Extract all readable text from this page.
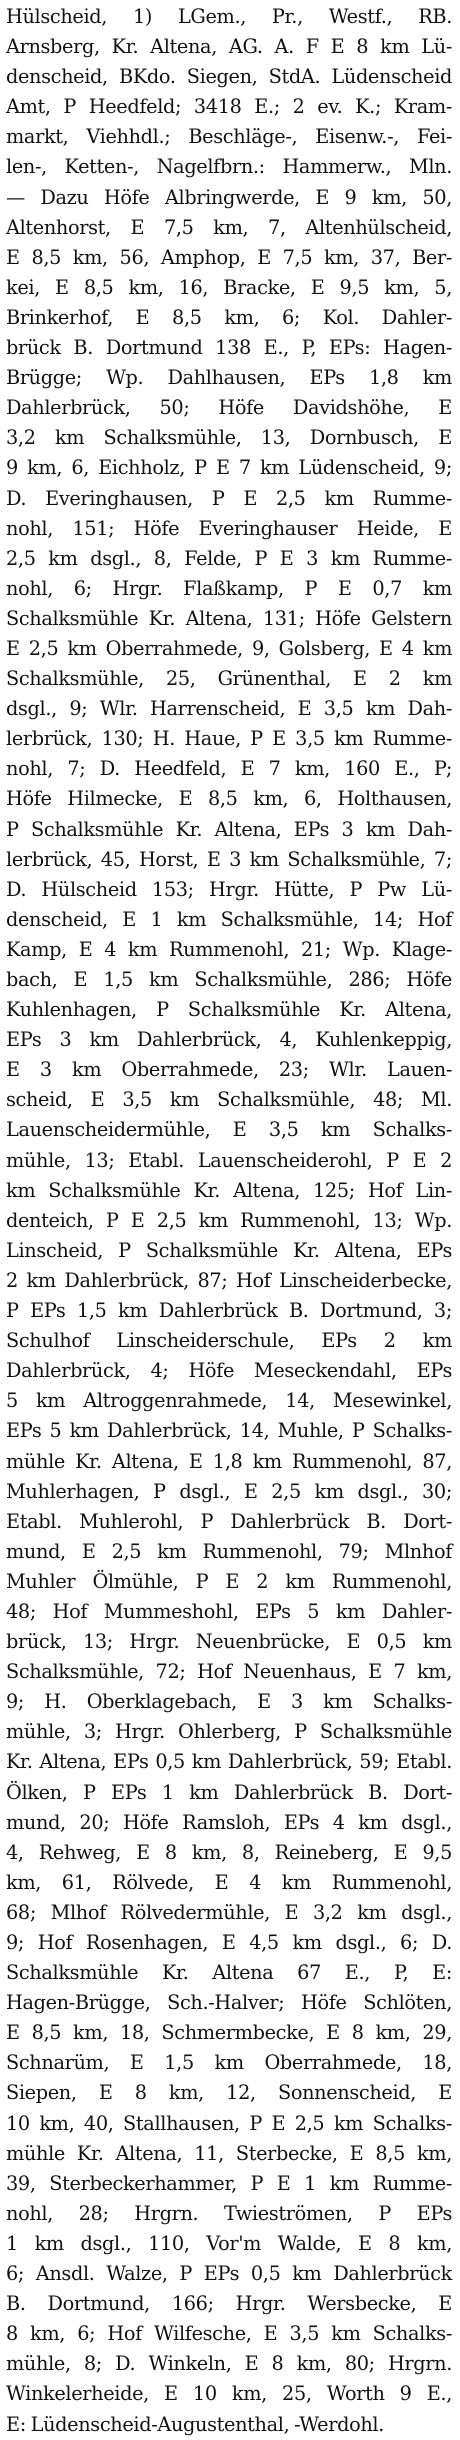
Hülscheid, 1) LGem., Pr., Westf., RB.
Arnsberg, Kr. Altena, AG. A. F E 8 km Lü-
denscheid, BKdo. Siegen, StdA. Lüdenscheid
Amt, P Heedfeld; 3418 E.; 2 ev. K.; Kram-
markt, Viehhdl.; Beschläge-, Eisenw.-, Fei-
len-, Ketten-, Nagelfbrn.: Hammerw., Mln.
— Dazu Höfe Albringwerde, E 9 km, 50,
Altenhorst, E 7,5 km, 7, Altenhülscheid,
E 8,5 km, 56, Amphop, E 7,5 km, 37, Ber-
kei, E 8,5 km, 16, Bracke, E 9,5 km, 5,
Brinkerhof, E 8,5 km, 6; Kol. Dahler-
brück B. Dortmund 138 E., P, EPs: Hagen-
Brügge; Wp. Dahlhausen, EPs 1,8 km
Dahlerbrück, 50; Höfe Davidshöhe, E
3,2 km Schalksmühle, 13, Dornbusch, E
9 km, 6, Eichholz, P E 7 km Lüdenscheid, 9;
D. Everinghausen, P E 2,5 km Rumme-
nohl, 151; Höfe Everinghauser Heide, E
2,5 km dsgl., 8, Felde, P E 3 km Rumme-
nohl, 6; Hrgr. Flaßkamp, P E 0,7 km
Schalksmühle Kr. Altena, 131; Höfe Gelstern
E 2,5 km Oberrahmede, 9, Golsberg, E 4 km
Schalksmühle, 25, Grünenthal, E 2 km
dsgl., 9; Wlr. Harrenscheid, E 3,5 km Dah-
lerbrück, 130; H. Haue, P E 3,5 km Rumme-
nohl, 7; D. Heedfeld, E 7 km, 160 E., P;
Höfe Hilmecke, E 8,5 km, 6, Holthausen,
P Schalksmühle Kr. Altena, EPs 3 km Dah-
lerbrück, 45, Horst, E 3 km Schalksmühle, 7;
D. Hülscheid 153; Hrgr. Hütte, P Pw Lü-
denscheid, E 1 km Schalksmühle, 14; Hof
Kamp, E 4 km Rummenohl, 21; Wp. Klage-
bach, E 1,5 km Schalksmühle, 286; Höfe
Kuhlenhagen, P Schalksmühle Kr. Altena,
EPs 3 km Dahlerbrück, 4, Kuhlenkeppig,
E 3 km Oberrahmede, 23; Wlr. Lauen-
scheid, E 3,5 km Schalksmühle, 48; Ml.
Lauenscheidermühle, E 3,5 km Schalks-
mühle, 13; Etabl. Lauenscheiderohl, P E 2
km Schalksmühle Kr. Altena, 125; Hof Lin-
denteich, P E 2,5 km Rummenohl, 13; Wp.
Linscheid, P Schalksmühle Kr. Altena, EPs
2 km Dahlerbrück, 87; Hof Linscheiderbecke,
P EPs 1,5 km Dahlerbrück B. Dortmund, 3;
Schulhof Linscheiderschule, EPs 2 km
Dahlerbrück, 4; Höfe Meseckendahl, EPs
5 km Altroggenrahmede, 14, Mesewinkel,
EPs 5 km Dahlerbrück, 14, Muhle, P Schalks-
mühle Kr. Altena, E 1,8 km Rummenohl, 87,
Muhlerhagen, P dsgl., E 2,5 km dsgl., 30;
Etabl. Muhlerohl, P Dahlerbrück B. Dort-
mund, E 2,5 km Rummenohl, 79; Mlnhof
Muhler Ölmühle, P E 2 km Rummenohl,
48; Hof Mummeshohl, EPs 5 km Dahler-
brück, 13; Hrgr. Neuenbrücke, E 0,5 km
Schalksmühle, 72; Hof Neuenhaus, E 7 km,
9; H. Oberklagebach, E 3 km Schalks-
mühle, 3; Hrgr. Ohlerberg, P Schalksmühle
Kr. Altena, EPs 0,5 km Dahlerbrück, 59; Etabl.
Ölken, P EPs 1 km Dahlerbrück B. Dort-
mund, 20; Höfe Ramsloh, EPs 4 km dsgl.,
4, Rehweg, E 8 km, 8, Reineberg, E 9,5
km, 61, Rölvede, E 4 km Rummenohl,
68; Mlhof Rölvedermühle, E 3,2 km dsgl.,
9; Hof Rosenhagen, E 4,5 km dsgl., 6; D.
Schalksmühle Kr. Altena 67 E., P, E:
Hagen-Brügge, Sch.-Halver; Höfe Schlöten,
E 8,5 km, 18, Schmermbecke, E 8 km, 29,
Schnarüm, E 1,5 km Oberrahmede, 18,
Siepen, E 8 km, 12, Sonnenscheid, E
10 km, 40, Stallhausen, P E 2,5 km Schalks-
mühle Kr. Altena, 11, Sterbecke, E 8,5 km,
39, Sterbeckerhammer, P E 1 km Rumme-
nohl, 28; Hrgrn. Twieströmen, P EPs
1 km dsgl., 110, Vor'm Walde, E 8 km,
6; Ansdl. Walze, P EPs 0,5 km Dahlerbrück
B. Dortmund, 166; Hrgr. Wersbecke, E
8 km, 6; Hof Wilfesche, E 3,5 km Schalks-
mühle, 8; D. Winkeln, E 8 km, 80; Hrgrn.
Winkelerheide, E 10 km, 25, Worth 9 E.,
E: Lüdenscheid-Augustenthal, -Werdohl.
